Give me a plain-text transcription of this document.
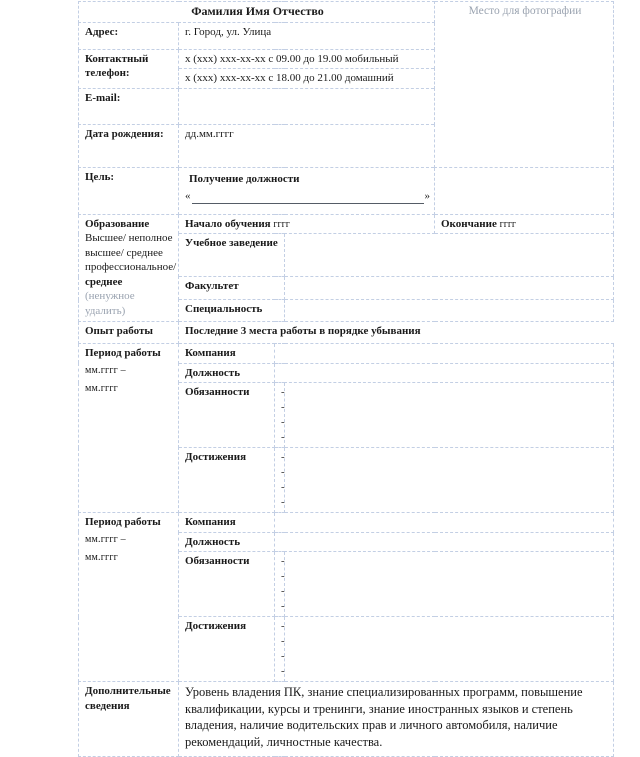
Фамилия Имя Отчество				Место для фотографии
Адрес:	г. Город, ул. Улица			

Контактный
телефон:	x (xxx) xxx-xx-xx с 09.00 до 19.00 мобильный			
	x (xxx) xxx-xx-xx с 18.00 до 21.00 домашний			
E-mail:				
Дата рождения:	дд.мм.гггг			
Цель:	Получение должности
« »			

Образование
Высшее/ неполное
высшее/ среднее
профессиональное/
среднее (ненужное удалить)	Начало обучения гггг			Окончание гггг
	Учебное заведение			
	Факультет			
	Специальность			
Опыт работы	Последние 3 места работы в порядке убывания			

Период работы
мм.гггг –
мм.гггг	Компания			
	Должность			
	Обязанности	-
-
-
-		

	Достижения	-
-
-
-		

Период работы
мм.гггг –
мм.гггг	Компания			
	Должность			
	Обязанности	-
-
-
-		

	Достижения	-
-
-
-		

Дополнительные
сведения	Уровень владения ПК, знание специализированных программ, повышение квалификации, курсы и тренинги, знание иностранных языков и степень владения, наличие водительских прав и личного автомобиля, наличие рекомендаций, личностные качества.			
